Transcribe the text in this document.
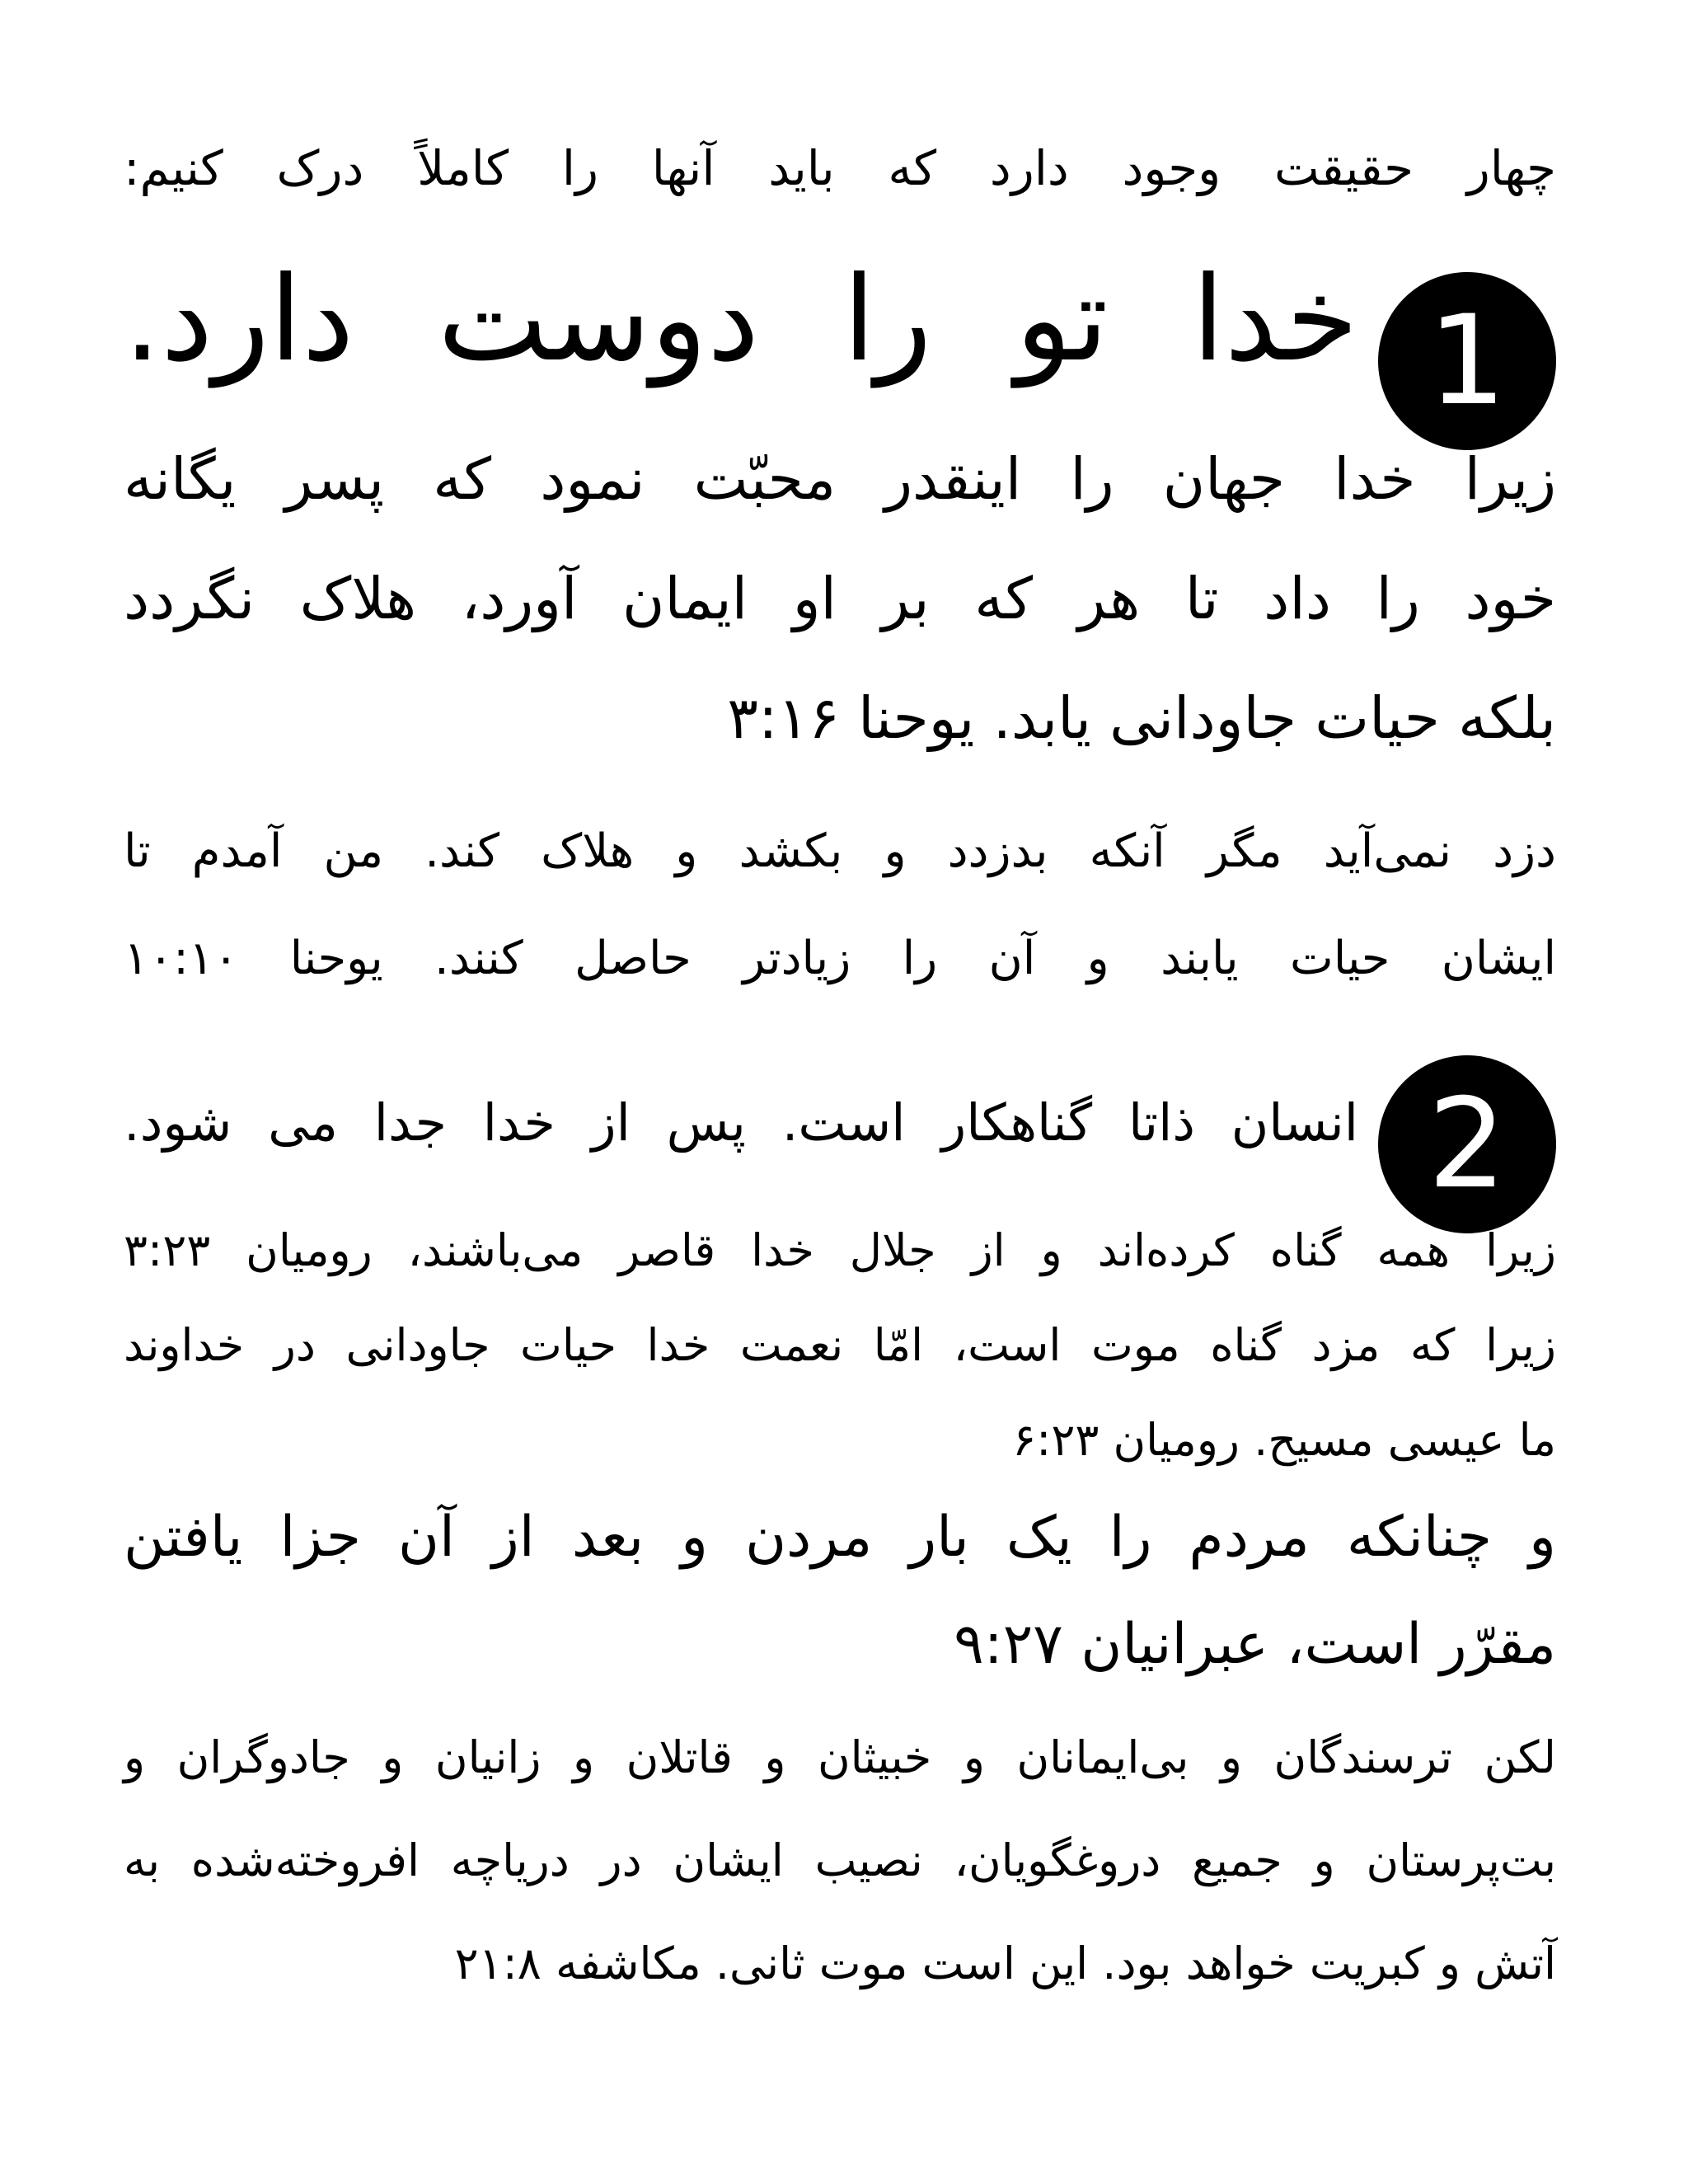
چهار حقیقت وجود دارد که باید آنها را کاملاً درک کنیم:
1
خدا تو را دوست دارد.
زیرا خدا جهان را اینقدر محبّت نمود که پسر یگانه
خود را داد تا هر که بر او ایمان آورد، هلاک نگردد
بلکه حیات جاودانی یابد. یوحنا ۳:۱۶
دزد نمی‌آید مگر آنکه بدزدد و بکشد و هلاک کند. من آمدم تا
ایشان حیات یابند و آن را زیادتر حاصل کنند. یوحنا ۱۰:۱۰
2
انسان ذاتا گناهکار است. پس از خدا جدا می شود.
زیرا همه گناه کرده‌اند و از جلال خدا قاصر می‌باشند، رومیان ۳:۲۳
زیرا که مزد گناه موت است، امّا نعمت خدا حیات جاودانی در خداوند
ما عیسی مسیح. رومیان ۶:۲۳
و چنانکه مردم را یک بار مردن و بعد از آن جزا یافتن
مقرّر است، عبرانیان ۹:۲۷
لکن ترسندگان و بی‌ایمانان و خبیثان و قاتلان و زانیان و جادوگران و
بت‌پرستان و جمیع دروغگویان، نصیب ایشان در دریاچه افروخته‌شده به
آتش و کبریت خواهد بود. این است موت ثانی. مکاشفه ۲۱:۸
